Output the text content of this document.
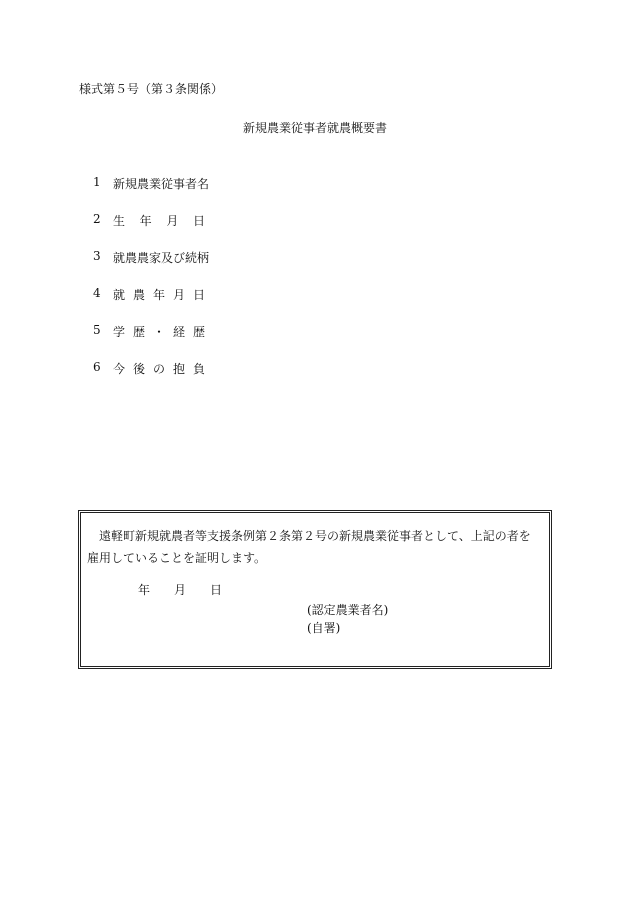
様式第５号（第３条関係）
新規農業従事者就農概要書
1	新規農業従事者名
2	生 年 月 日
3	就農農家及び続柄
4	就 農 年 月 日
5	学 歴 ・ 経 歴
6	今 後 の 抱 負
遠軽町新規就農者等支援条例第２条第２号の新規農業従事者として、上記の者を雇用していることを証明します。
年 月 日
(認定農業者名)
(自署)
